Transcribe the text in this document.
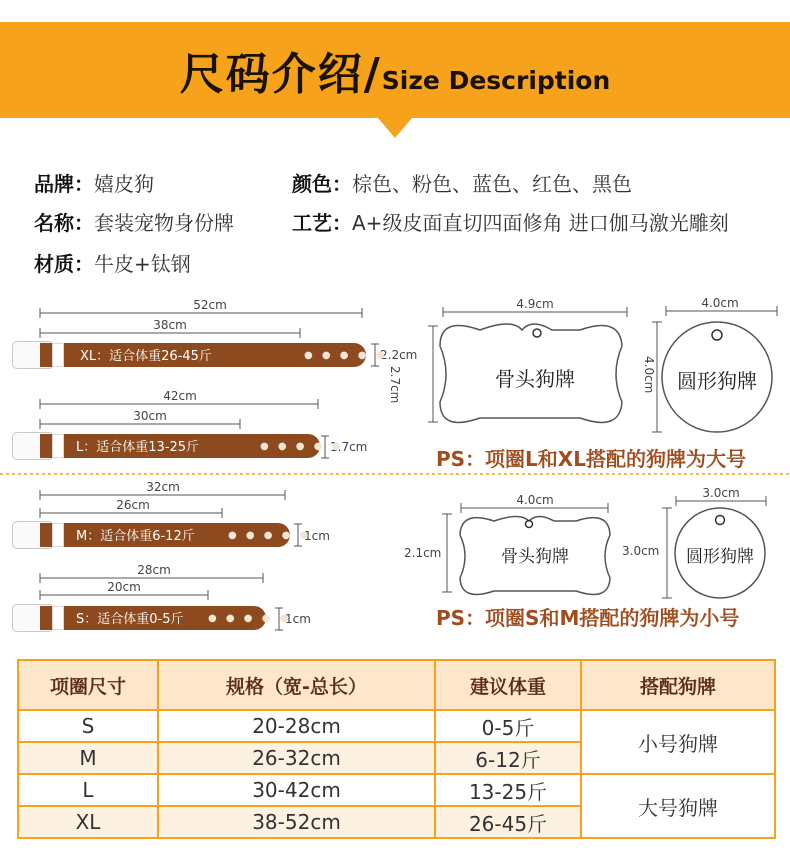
尺码介绍/Size Description
品牌：嬉皮狗	颜色：棕色、粉色、蓝色、红色、黑色
名称：套装宠物身份牌	工艺：A+级皮面直切四面修角 进口伽马激光雕刻
材质：牛皮+钛钢
52cm
38cm
2.2cm
42cm
30cm
1.7cm
32cm
26cm
1cm
28cm
20cm
1cm
XL：适合体重26-45斤	● ● ● ● ●
L：适合体重13-25斤	● ● ● ● ●
M：适合体重6-12斤	● ● ● ● ●
S：适合体重0-5斤 ● ● ● ● ●
4.9cm
2.7cm	骨头狗牌
4.0cm
4.0cm	圆形狗牌
PS：项圈L和XL搭配的狗牌为大号
4.0cm
2.1cm	骨头狗牌
3.0cm
3.0cm	圆形狗牌
PS：项圈S和M搭配的狗牌为小号
项圈尺寸	规格（宽-总长）	建议体重	搭配狗牌
S	20-28cm	0-5斤	小号狗牌
M	26-32cm	6-12斤	
L	30-42cm	13-25斤	大号狗牌
XL	38-52cm	26-45斤	
